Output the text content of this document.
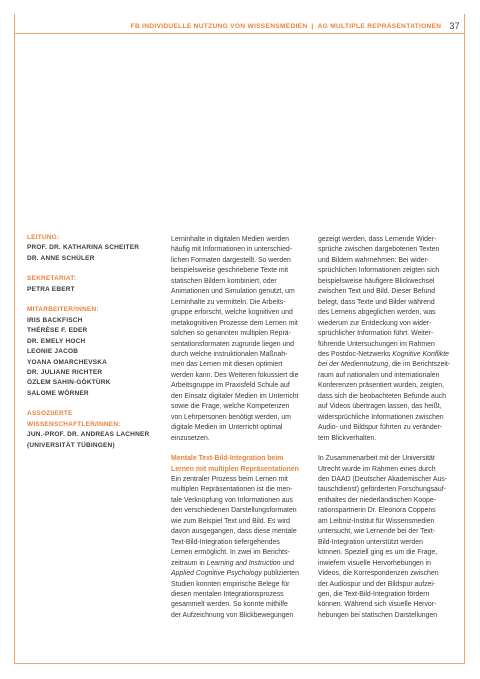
FB INDIVIDUELLE NUTZUNG VON WISSENSMEDIEN | AG MULTIPLE REPRÄSENTATIONEN 37
LEITUNG:
PROF. DR. KATHARINA SCHEITER
DR. ANNE SCHÜLER
SEKRETARIAT:
PETRA EBERT
MITARBEITER/INNEN:
IRIS BACKFISCH
THÉRÈSE F. EDER
DR. EMELY HOCH
LEONIE JACOB
YOANA OMARCHEVSKA
DR. JULIANE RICHTER
ÖZLEM SAHIN-GÖKTÜRK
SALOME WÖRNER
ASSOZIIERTE
WISSENSCHAFTLER/INNEN:
JUN.-PROF. DR. ANDREAS LACHNER
(UNIVERSITÄT TÜBINGEN)
Lerninhalte in digitalen Medien werden
häufig mit Informationen in unterschied-
lichen Formaten dargestellt. So werden
beispielsweise geschriebene Texte mit
statischen Bildern kombiniert, oder
Animationen und Simulation genutzt, um
Lerninhalte zu vermitteln. Die Arbeits-
gruppe erforscht, welche kognitiven und
metakognitiven Prozesse dem Lernen mit
solchen so genannten multiplen Reprä-
sentationsformaten zugrunde liegen und
durch welche instruktionalen Maßnah-
men das Lernen mit diesen optimiert
werden kann. Des Weiteren fokussiert die
Arbeitsgruppe im Praxisfeld Schule auf
den Einsatz digitaler Medien im Unterricht
sowie die Frage, welche Kompetenzen
von Lehrpersonen benötigt werden, um
digitale Medien im Unterricht optimal
einzusetzen.
Mentale Text-Bild-Integration beim
Lernen mit multiplen Repräsentationen
Ein zentraler Prozess beim Lernen mit
multiplen Repräsentationen ist die men-
tale Verknüpfung von Informationen aus
den verschiedenen Darstellungsformaten
wie zum Beispiel Text und Bild. Es wird
davon ausgegangen, dass diese mentale
Text-Bild-Integration tiefergehendes
Lernen ermöglicht. In zwei im Berichts-
zeitraum in Learning and Instruction und
Applied Cognitive Psychology publizierten
Studien konnten empirische Belege für
diesen mentalen Integrationsprozess
gesammelt werden. So konnte mithilfe
der Aufzeichnung von Blickbewegungen
gezeigt werden, dass Lernende Wider-
sprüche zwischen dargebotenen Texten
und Bildern wahrnehmen: Bei wider-
sprüchlichen Informationen zeigten sich
beispielsweise häufigere Blickwechsel
zwischen Text und Bild. Dieser Befund
belegt, dass Texte und Bilder während
des Lernens abgeglichen werden, was
wiederum zur Entdeckung von wider-
sprüchlicher Information führt. Weiter-
führende Untersuchungen im Rahmen
des Postdoc-Netzwerks Kognitive Konflikte
bei der Mediennutzung, die im Berichtszeit-
raum auf nationalen und internationalen
Konferenzen präsentiert wurden, zeigten,
dass sich die beobachteten Befunde auch
auf Videos übertragen lassen, das heißt,
widersprüchliche Informationen zwischen
Audio- und Bildspur führten zu veränder-
tem Blickverhalten.
In Zusammenarbeit mit der Universität
Utrecht wurde im Rahmen eines durch
den DAAD (Deutscher Akademischer Aus-
tauschdienst) geförderten Forschungsauf-
enthaltes der niederländischen Koope-
rationspartnerin Dr. Eleonora Coppens
am Leibniz-Institut für Wissensmedien
untersucht, wie Lernende bei der Text-
Bild-Integration unterstützt werden
können. Speziell ging es um die Frage,
inwiefern visuelle Hervorhebungen in
Videos, die Korrespondenzen zwischen
der Audiospur und der Bildspur aufzei-
gen, die Text-Bild-Integration fördern
können. Während sich visuelle Hervor-
hebungen bei statischen Darstellungen
